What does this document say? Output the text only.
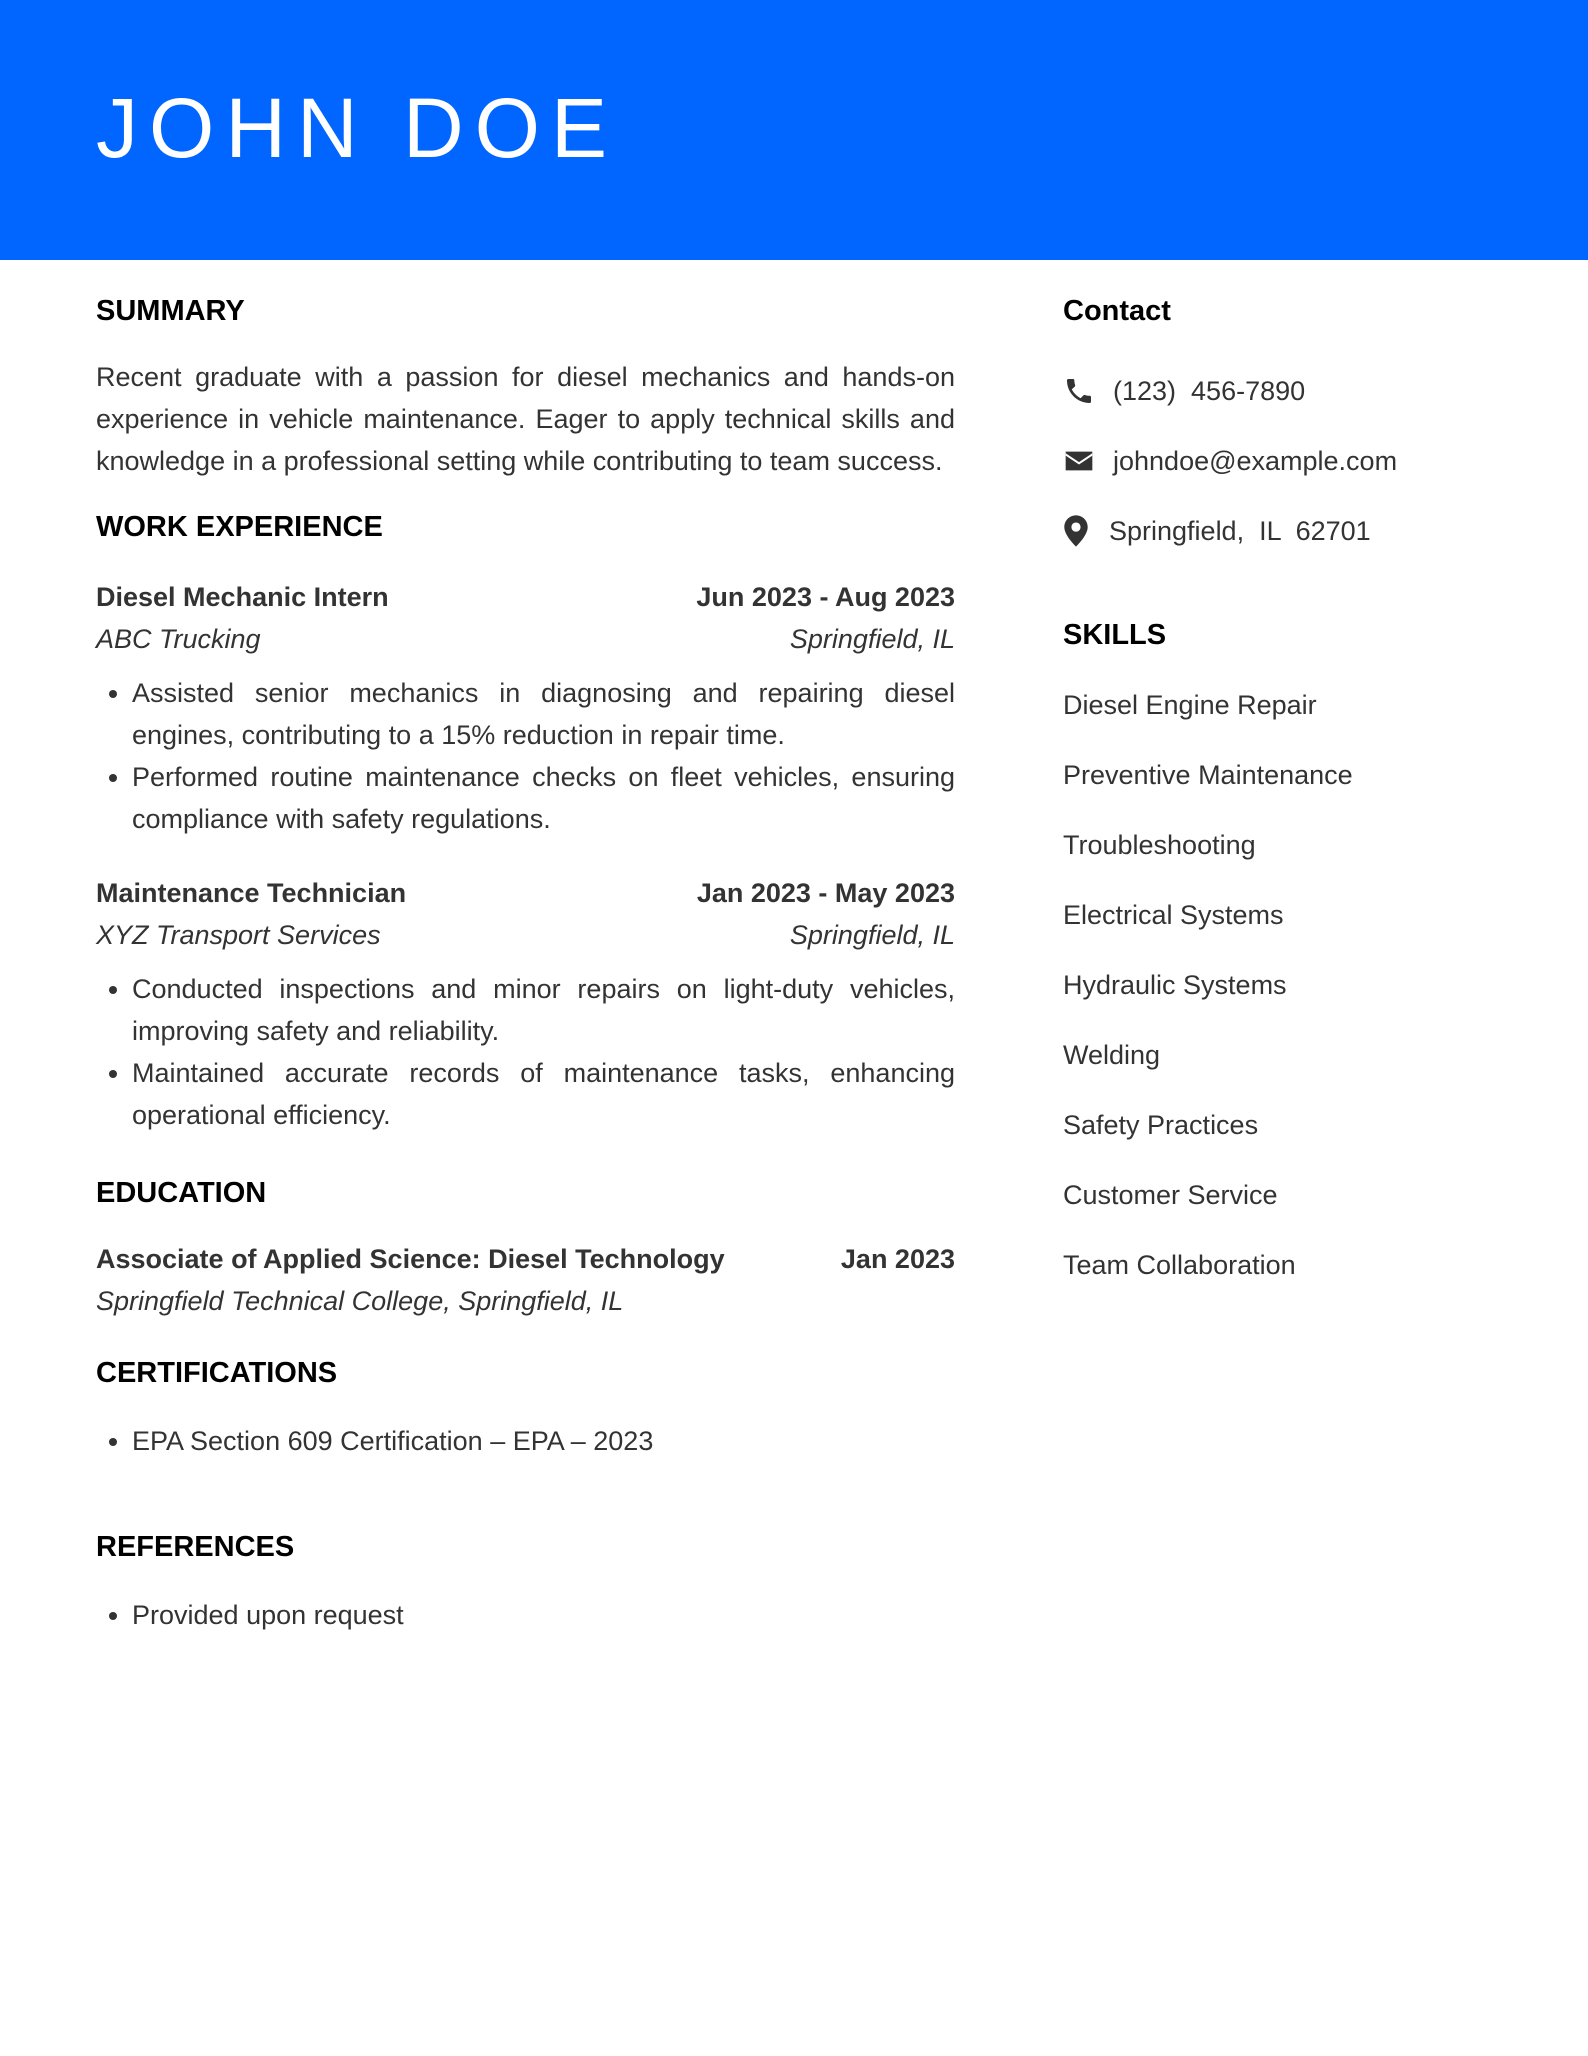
JOHN DOE
SUMMARY

Recent graduate with a passion for diesel mechanics and hands-on experience in vehicle maintenance. Eager to apply technical skills and knowledge in a professional setting while contributing to team success.

WORK EXPERIENCE
Diesel Mechanic Intern	Jun 2023 - Aug 2023
ABC Trucking	Springfield, IL
• Assisted senior mechanics in diagnosing and repairing diesel engines, contributing to a 15% reduction in repair time.
• Performed routine maintenance checks on fleet vehicles, ensuring compliance with safety regulations.
Maintenance Technician	Jan 2023 - May 2023
XYZ Transport Services	Springfield, IL
• Conducted inspections and minor repairs on light-duty vehicles, improving safety and reliability.
• Maintained accurate records of maintenance tasks, enhancing operational efficiency.
EDUCATION
Associate of Applied Science: Diesel Technology	Jan 2023
Springfield Technical College, Springfield, IL
CERTIFICATIONS
• EPA Section 609 Certification – EPA – 2023
REFERENCES
• Provided upon request
Contact
(123)  456-7890
johndoe@example.com
Springfield,  IL  62701
SKILLS
Diesel Engine Repair
Preventive Maintenance
Troubleshooting
Electrical Systems
Hydraulic Systems
Welding
Safety Practices
Customer Service
Team Collaboration
